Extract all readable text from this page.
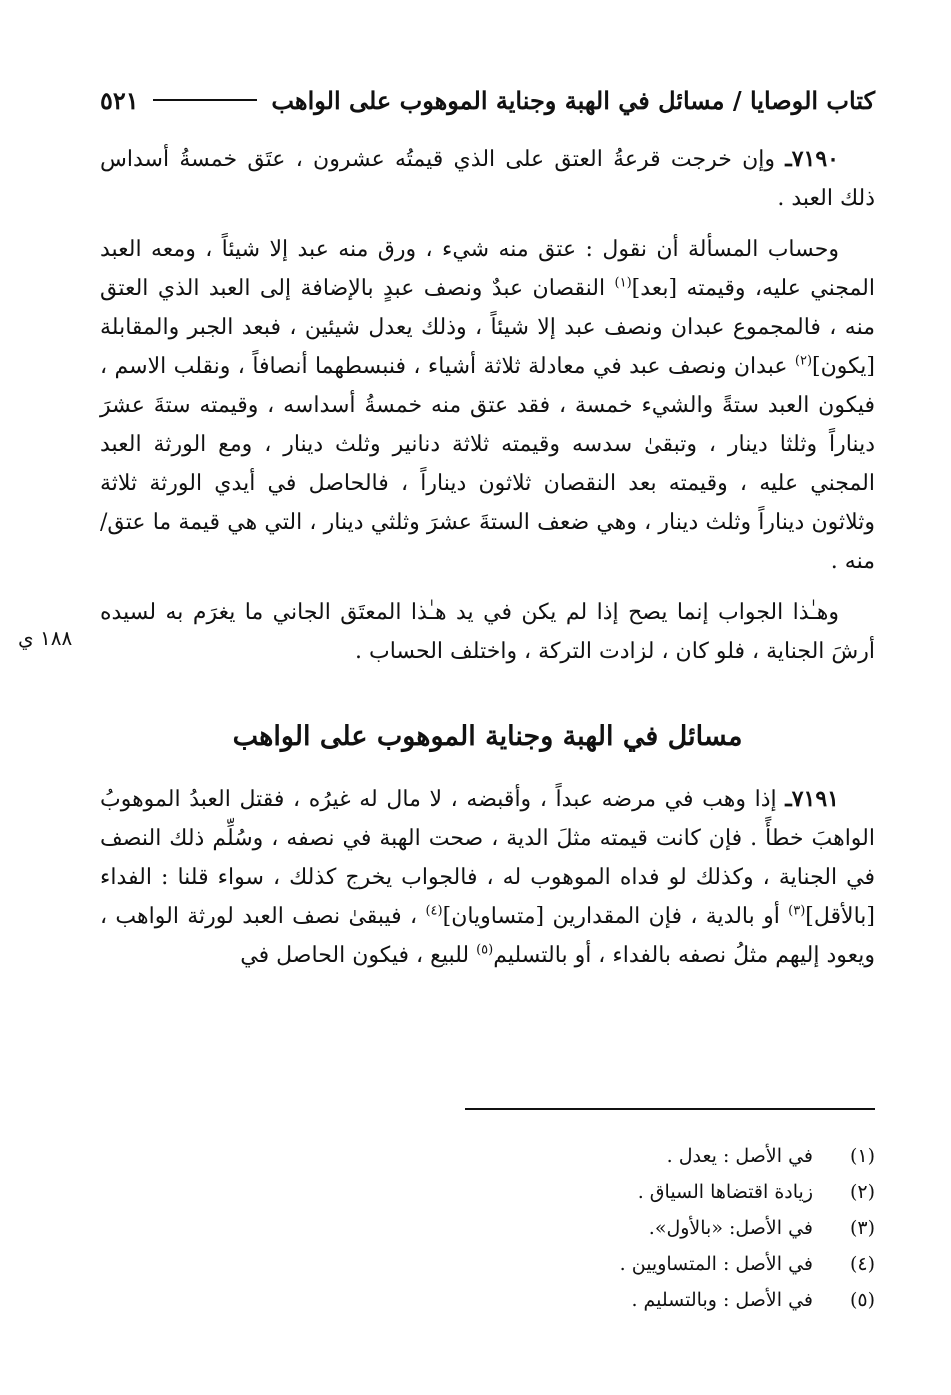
١٨٨ ي
كتاب الوصايا / مسائل في الهبة وجناية الموهوب على الواهب
٥٢١

٧١٩٠ـ وإن خرجت قرعةُ العتق على الذي قيمتُه عشرون ، عتَق خمسةُ أسداس ذلك العبد .

وحساب المسألة أن نقول : عتق منه شيء ، ورق منه عبد إلا شيئاً ، ومعه العبد المجني عليه، وقيمته [بعد]$^{(١)}$ النقصان عبدٌ ونصف عبدٍ بالإضافة إلى العبد الذي العتق منه ، فالمجموع عبدان ونصف عبد إلا شيئاً ، وذلك يعدل شيئين ، فبعد الجبر والمقابلة [يكون]$^{(٢)}$ عبدان ونصف عبد في معادلة ثلاثة أشياء ، فنبسطهما أنصافاً ، ونقلب الاسم ، فيكون العبد ستةً والشيء خمسة ، فقد عتق منه خمسةُ أسداسه ، وقيمته ستةَ عشرَ ديناراً وثلثا دينار ، وتبقىٰ سدسه وقيمته ثلاثة دنانير وثلث دينار ، ومع الورثة العبد المجني عليه ، وقيمته بعد النقصان ثلاثون ديناراً ، فالحاصل في أيدي الورثة ثلاثة وثلاثون ديناراً وثلث دينار ، وهي ضعف الستةَ عشرَ وثلثي دينار ، التي هي قيمة ما عتق/ منه .

وهـٰذا الجواب إنما يصح إذا لم يكن في يد هـٰذا المعتَق الجاني ما يغرَم به لسيده أرشَ الجناية ، فلو كان ، لزادت التركة ، واختلف الحساب .

مسائل في الهبة وجناية الموهوب على الواهب

٧١٩١ـ إذا وهب في مرضه عبداً ، وأقبضه ، لا مال له غيرُه ، فقتل العبدُ الموهوبُ الواهبَ خطأً . فإن كانت قيمته مثلَ الدية ، صحت الهبة في نصفه ، وسُلِّم ذلك النصف في الجناية ، وكذلك لو فداه الموهوب له ، فالجواب يخرج كذلك ، سواء قلنا : الفداء [بالأقل]$^{(٣)}$ أو بالدية ، فإن المقدارين [متساويان]$^{(٤)}$ ، فيبقىٰ نصف العبد لورثة الواهب ، ويعود إليهم مثلُ نصفه بالفداء ، أو بالتسليم$^{(٥)}$ للبيع ، فيكون الحاصل في

(١)
في الأصل : يعدل .
(٢)
زيادة اقتضاها السياق .
(٣)
في الأصل: «بالأول».
(٤)
في الأصل : المتساويين .
(٥)
في الأصل : وبالتسليم .
